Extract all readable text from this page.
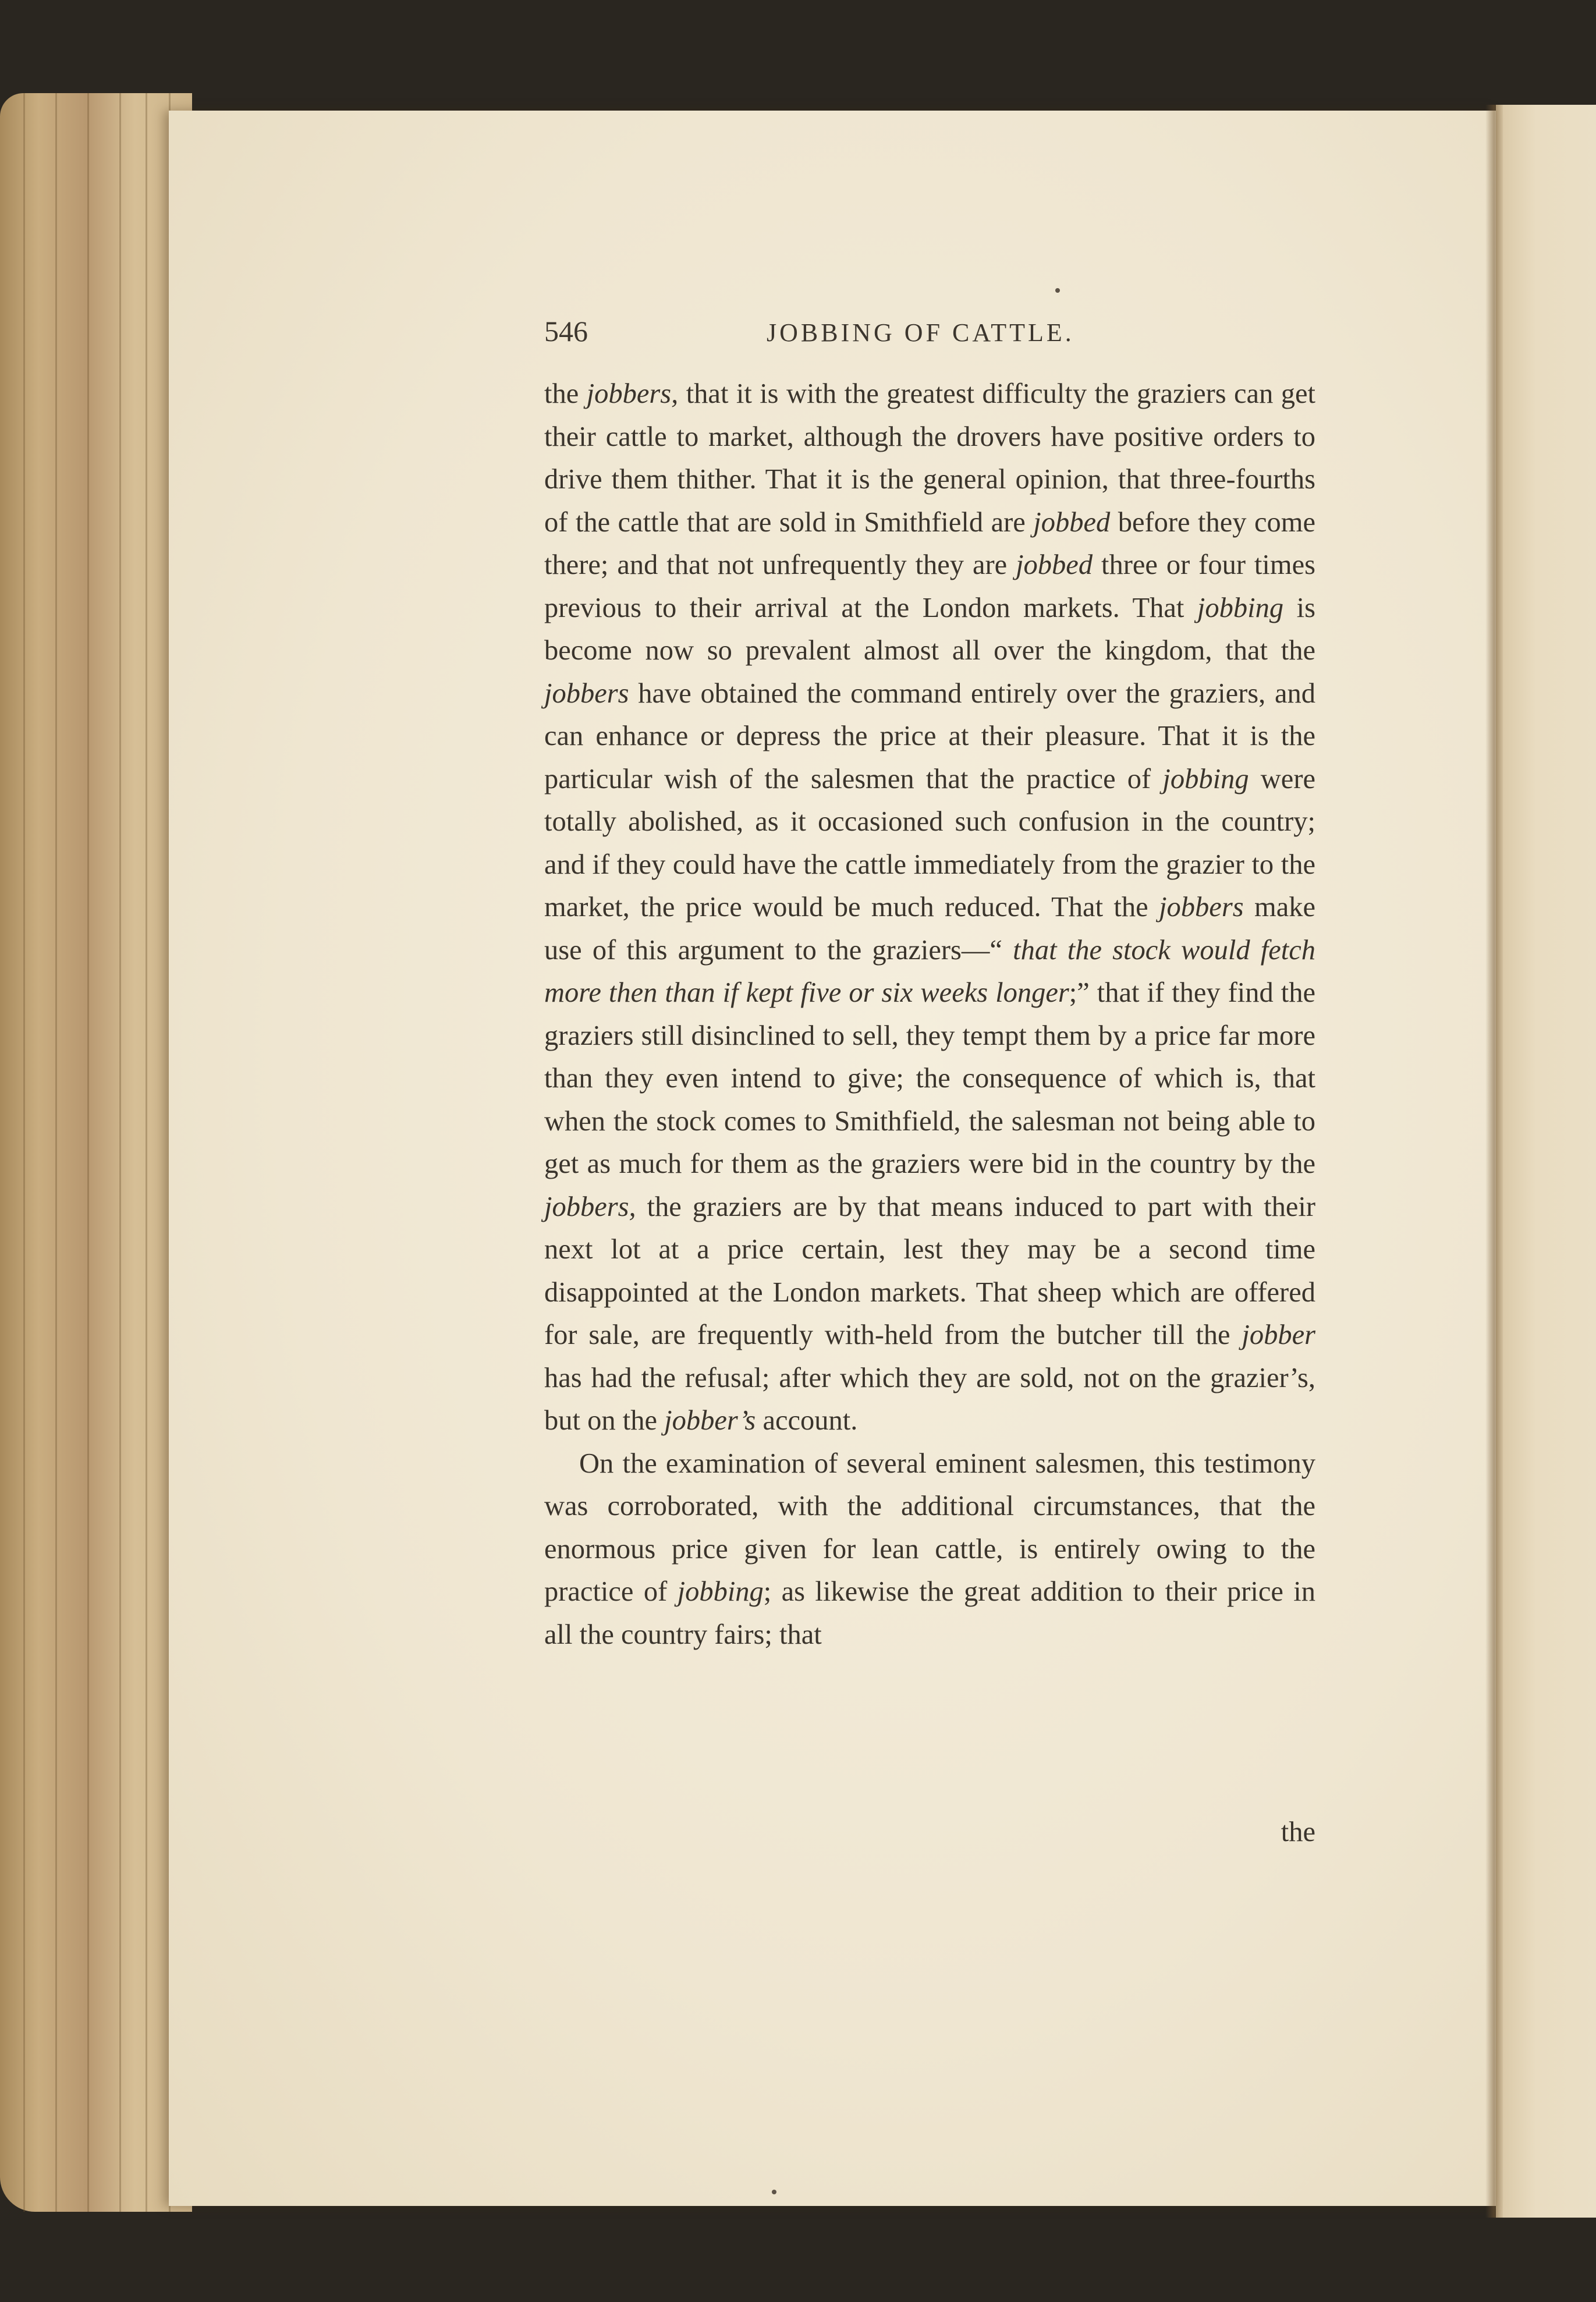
546	JOBBING OF CATTLE.

the jobbers, that it is with the greatest difficulty the graziers can get their cattle to market, although the drovers have positive orders to drive them thither. That it is the general opinion, that three-fourths of the cattle that are sold in Smithfield are jobbed before they come there; and that not unfrequently they are jobbed three or four times previous to their arrival at the London markets. That jobbing is become now so prevalent almost all over the kingdom, that the jobbers have obtained the command entirely over the graziers, and can enhance or depress the price at their pleasure. That it is the particular wish of the salesmen that the practice of jobbing were totally abolished, as it occasioned such confusion in the country; and if they could have the cattle immediately from the grazier to the market, the price would be much reduced. That the jobbers make use of this argument to the graziers—“ that the stock would fetch more then than if kept five or six weeks longer;” that if they find the graziers still disinclined to sell, they tempt them by a price far more than they even intend to give; the consequence of which is, that when the stock comes to Smithfield, the salesman not being able to get as much for them as the graziers were bid in the country by the jobbers, the graziers are by that means induced to part with their next lot at a price certain, lest they may be a second time disappointed at the London markets. That sheep which are offered for sale, are frequently with-held from the butcher till the jobber has had the refusal; after which they are sold, not on the grazier’s, but on the jobber’s account.

On the examination of several eminent salesmen, this testimony was corroborated, with the additional circumstances, that the enormous price given for lean cattle, is entirely owing to the practice of jobbing; as likewise the great addition to their price in all the country fairs; that

the
